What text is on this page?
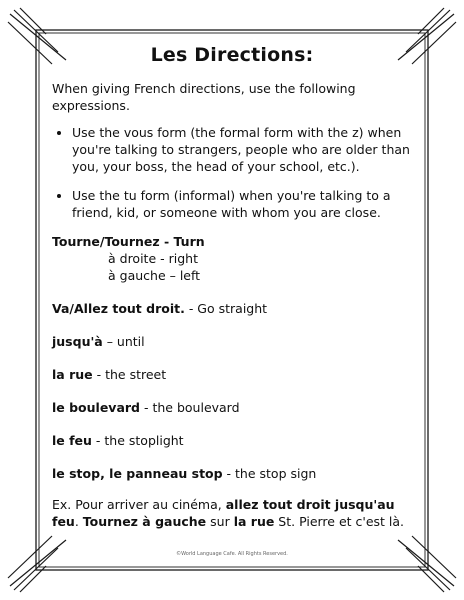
Les Directions:

When giving French directions, use the following expressions.

• Use the vous form (the formal form with the z) when you're talking to strangers, people who are older than you, your boss, the head of your school, etc.).
• Use the tu form (informal) when you're talking to a friend, kid, or someone with whom you are close.
Tourne/Tournez - Turn
à droite - right
à gauche – left
Va/Allez tout droit. - Go straight
jusqu'à – until
la rue - the street
le boulevard - the boulevard
le feu - the stoplight
le stop, le panneau stop - the stop sign

Ex. Pour arriver au cinéma, allez tout droit jusqu'au feu. Tournez à gauche sur la rue St. Pierre et c'est là.

©World Language Cafe. All Rights Reserved.
